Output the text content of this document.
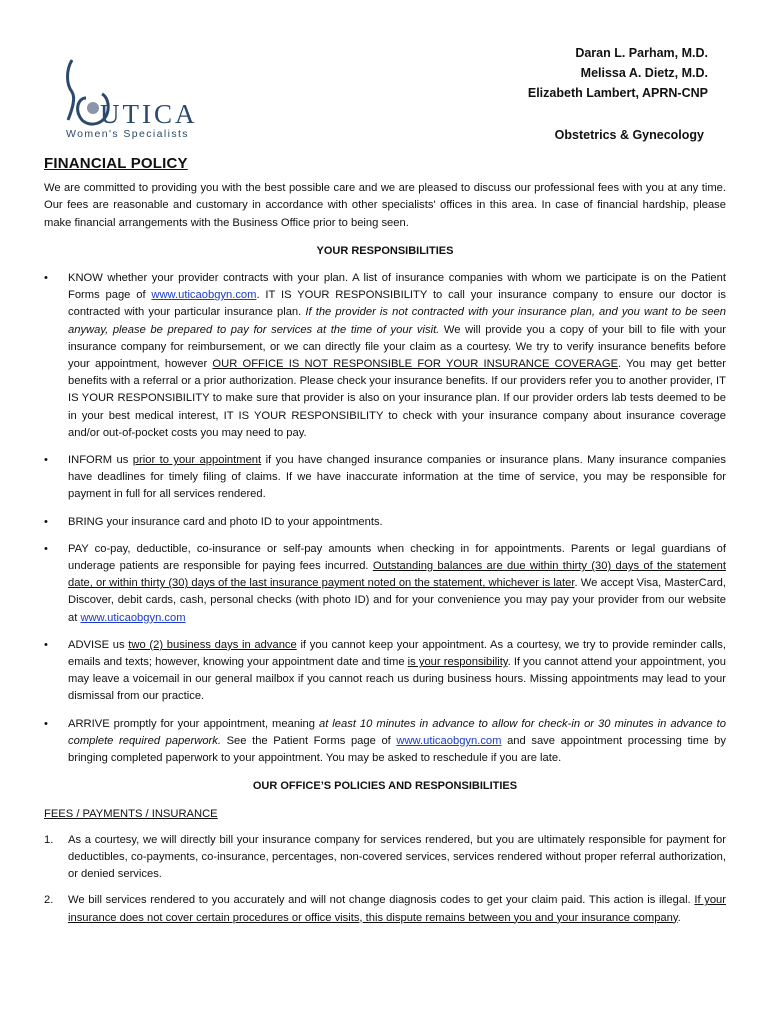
UTICA
Women's Specialists
Daran L. Parham, M.D.
Melissa A. Dietz, M.D.
Elizabeth Lambert, APRN-CNP
Obstetrics & Gynecology
FINANCIAL POLICY

We are committed to providing you with the best possible care and we are pleased to discuss our professional fees with you at any time. Our fees are reasonable and customary in accordance with other specialists' offices in this area. In case of financial hardship, please make financial arrangements with the Business Office prior to being seen.

YOUR RESPONSIBILITIES
• KNOW whether your provider contracts with your plan. A list of insurance companies with whom we participate is on the Patient Forms page of www.uticaobgyn.com. IT IS YOUR RESPONSIBILITY to call your insurance company to ensure our doctor is contracted with your particular insurance plan. If the provider is not contracted with your insurance plan, and you want to be seen anyway, please be prepared to pay for services at the time of your visit. We will provide you a copy of your bill to file with your insurance company for reimbursement, or we can directly file your claim as a courtesy. We try to verify insurance benefits before your appointment, however OUR OFFICE IS NOT RESPONSIBLE FOR YOUR INSURANCE COVERAGE. You may get better benefits with a referral or a prior authorization. Please check your insurance benefits. If our providers refer you to another provider, IT IS YOUR RESPONSIBILITY to make sure that provider is also on your insurance plan. If our provider orders lab tests deemed to be in your best medical interest, IT IS YOUR RESPONSIBILITY to check with your insurance company about insurance coverage and/or out-of-pocket costs you may need to pay.
• INFORM us prior to your appointment if you have changed insurance companies or insurance plans. Many insurance companies have deadlines for timely filing of claims. If we have inaccurate information at the time of service, you may be responsible for payment in full for all services rendered.
• BRING your insurance card and photo ID to your appointments.
• PAY co-pay, deductible, co-insurance or self-pay amounts when checking in for appointments. Parents or legal guardians of underage patients are responsible for paying fees incurred. Outstanding balances are due within thirty (30) days of the statement date, or within thirty (30) days of the last insurance payment noted on the statement, whichever is later. We accept Visa, MasterCard, Discover, debit cards, cash, personal checks (with photo ID) and for your convenience you may pay your provider from our website at www.uticaobgyn.com
• ADVISE us two (2) business days in advance if you cannot keep your appointment. As a courtesy, we try to provide reminder calls, emails and texts; however, knowing your appointment date and time is your responsibility. If you cannot attend your appointment, you may leave a voicemail in our general mailbox if you cannot reach us during business hours. Missing appointments may lead to your dismissal from our practice.
• ARRIVE promptly for your appointment, meaning at least 10 minutes in advance to allow for check-in or 30 minutes in advance to complete required paperwork. See the Patient Forms page of www.uticaobgyn.com and save appointment processing time by bringing completed paperwork to your appointment. You may be asked to reschedule if you are late.
OUR OFFICE’S POLICIES AND RESPONSIBILITIES
FEES / PAYMENTS / INSURANCE
1. As a courtesy, we will directly bill your insurance company for services rendered, but you are ultimately responsible for payment for deductibles, co-payments, co-insurance, percentages, non-covered services, services rendered without proper referral authorization, or denied services.
2. We bill services rendered to you accurately and will not change diagnosis codes to get your claim paid. This action is illegal. If your insurance does not cover certain procedures or office visits, this dispute remains between you and your insurance company.
